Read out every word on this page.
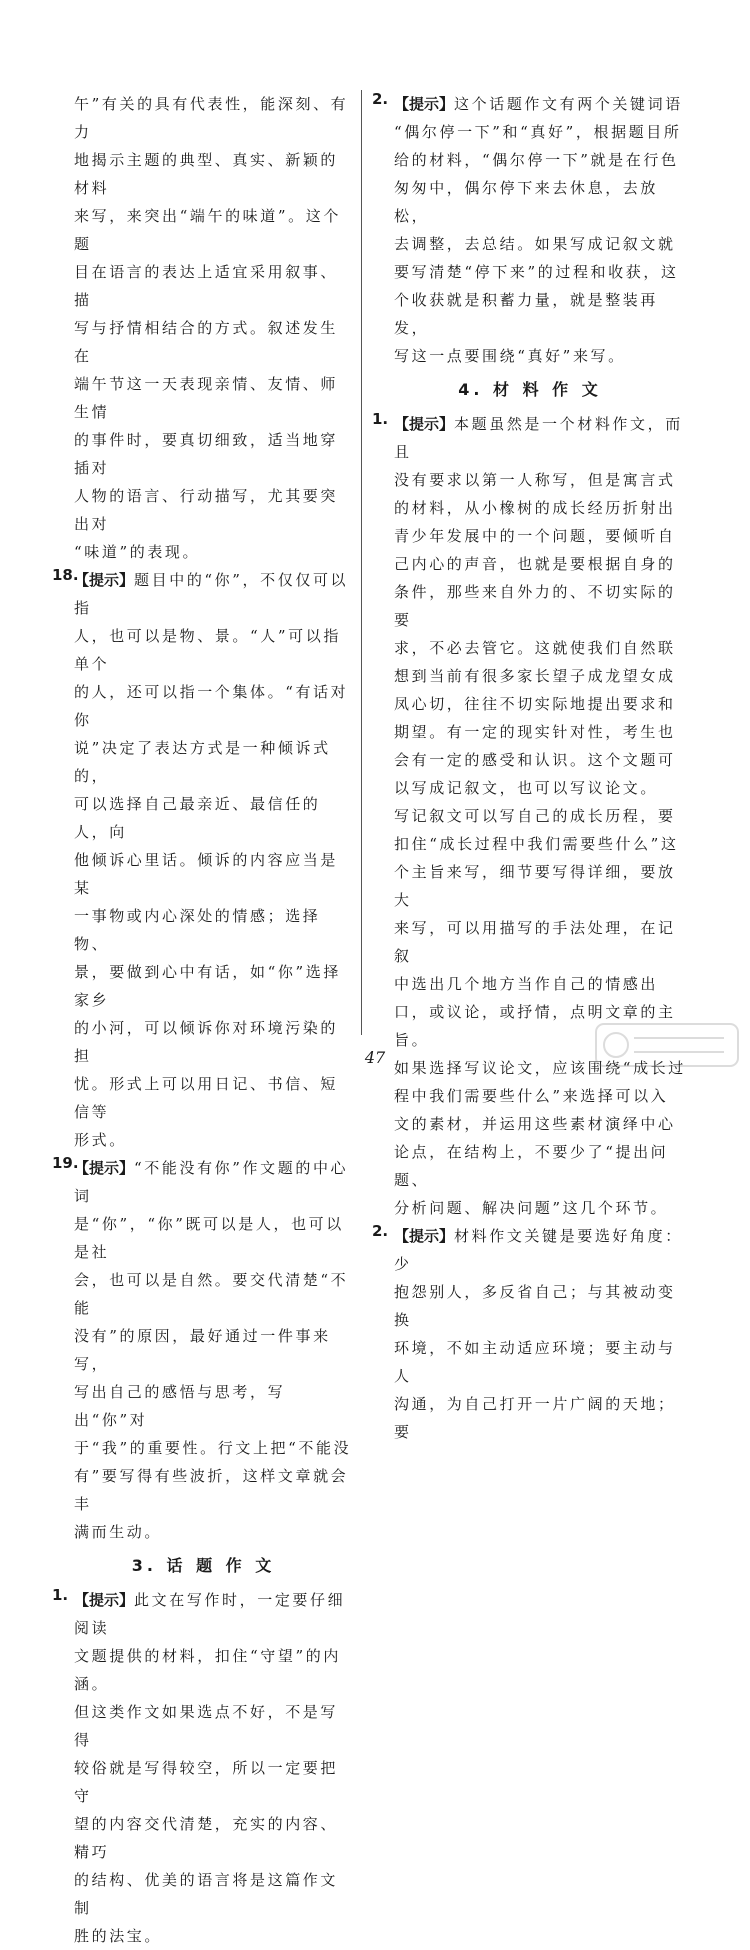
午”有关的具有代表性，能深刻、有力

地揭示主题的典型、真实、新颖的材料

来写，来突出“端午的味道”。这个题

目在语言的表达上适宜采用叙事、描

写与抒情相结合的方式。叙述发生在

端午节这一天表现亲情、友情、师生情

的事件时，要真切细致，适当地穿插对

人物的语言、行动描写，尤其要突出对

“味道”的表现。

18.

【提示】题目中的“你”，不仅仅可以指

人，也可以是物、景。“人”可以指单个

的人，还可以指一个集体。“有话对你

说”决定了表达方式是一种倾诉式的，

可以选择自己最亲近、最信任的人，向

他倾诉心里话。倾诉的内容应当是某

一事物或内心深处的情感；选择物、

景，要做到心中有话，如“你”选择家乡

的小河，可以倾诉你对环境污染的担

忧。形式上可以用日记、书信、短信等

形式。

19.

【提示】“不能没有你”作文题的中心词

是“你”，“你”既可以是人，也可以是社

会，也可以是自然。要交代清楚“不能

没有”的原因，最好通过一件事来写，

写出自己的感悟与思考，写出“你”对

于“我”的重要性。行文上把“不能没

有”要写得有些波折，这样文章就会丰

满而生动。

3. 话 题 作 文

1. 【提示】此文在写作时，一定要仔细阅读

文题提供的材料，扣住“守望”的内涵。

但这类作文如果选点不好，不是写得

较俗就是写得较空，所以一定要把守

望的内容交代清楚，充实的内容、精巧

的结构、优美的语言将是这篇作文制

胜的法宝。

2. 【提示】这个话题作文有两个关键词语

“偶尔停一下”和“真好”，根据题目所

给的材料，“偶尔停一下”就是在行色

匆匆中，偶尔停下来去休息，去放松，

去调整，去总结。如果写成记叙文就

要写清楚“停下来”的过程和收获，这

个收获就是积蓄力量，就是整装再发，

写这一点要围绕“真好”来写。

4. 材 料 作 文

1. 【提示】本题虽然是一个材料作文，而且

没有要求以第一人称写，但是寓言式

的材料，从小橡树的成长经历折射出

青少年发展中的一个问题，要倾听自

己内心的声音，也就是要根据自身的

条件，那些来自外力的、不切实际的要

求，不必去管它。这就使我们自然联

想到当前有很多家长望子成龙望女成

凤心切，往往不切实际地提出要求和

期望。有一定的现实针对性，考生也

会有一定的感受和认识。这个文题可

以写成记叙文，也可以写议论文。

写记叙文可以写自己的成长历程，要

扣住“成长过程中我们需要些什么”这

个主旨来写，细节要写得详细，要放大

来写，可以用描写的手法处理，在记叙

中选出几个地方当作自己的情感出

口，或议论，或抒情，点明文章的主旨。

如果选择写议论文，应该围绕“成长过

程中我们需要些什么”来选择可以入

文的素材，并运用这些素材演绎中心

论点，在结构上，不要少了“提出问题、

分析问题、解决问题”这几个环节。

2. 【提示】材料作文关键是要选好角度：少

抱怨别人，多反省自己；与其被动变换

环境，不如主动适应环境；要主动与人

沟通，为自己打开一片广阔的天地；要

47
